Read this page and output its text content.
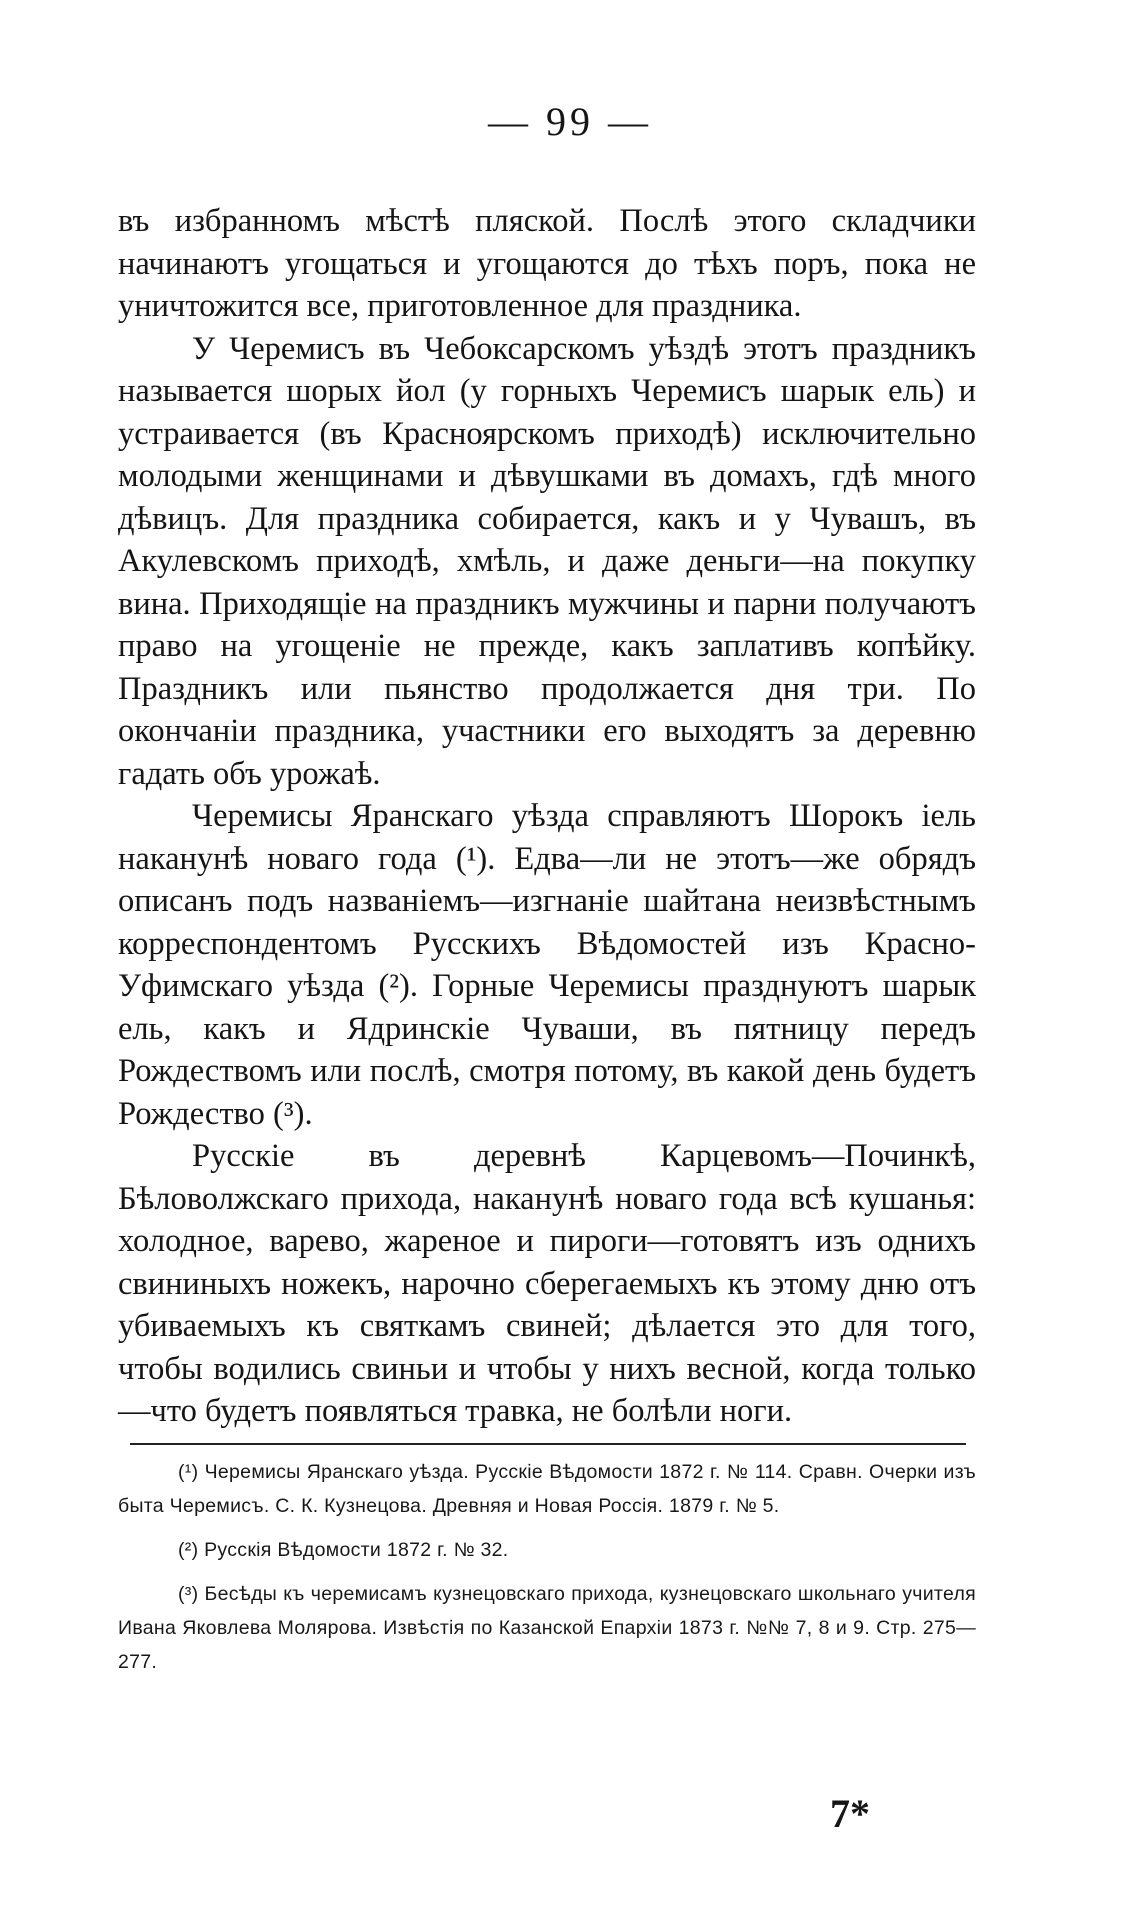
— 99 —

въ избранномъ мѣстѣ пляской. Послѣ этого складчики начинаютъ угощаться и угощаются до тѣхъ поръ, пока не уничтожится все, приготовленное для праздника.

У Черемисъ въ Чебоксарскомъ уѣздѣ этотъ праздникъ называется шорых йол (у горныхъ Черемисъ шарык ель) и устраивается (въ Красноярскомъ приходѣ) исключительно молодыми женщинами и дѣвушками въ домахъ, гдѣ много дѣвицъ. Для праздника собирается, какъ и у Чувашъ, въ Акулевскомъ приходѣ, хмѣль, и даже деньги—на покупку вина. Приходящіе на праздникъ мужчины и парни получаютъ право на угощеніе не прежде, какъ заплативъ копѣйку. Праздникъ или пьянство продолжается дня три. По окончаніи праздника, участники его выходятъ за деревню гадать объ урожаѣ.

Черемисы Яранскаго уѣзда справляютъ Шорокъ іель наканунѣ новаго года (¹). Едва—ли не этотъ—же обрядъ описанъ подъ названіемъ—изгнаніе шайтана неизвѣстнымъ корреспондентомъ Русскихъ Вѣдомостей изъ Красно-Уфимскаго уѣзда (²). Горные Черемисы празднуютъ шарык ель, какъ и Ядринскіе Чуваши, въ пятницу передъ Рождествомъ или послѣ, смотря потому, въ какой день будетъ Рождество (³).

Русскіе въ деревнѣ Карцевомъ—Починкѣ, Бѣловолжскаго прихода, наканунѣ новаго года всѣ кушанья: холодное, варево, жареное и пироги—готовятъ изъ однихъ свининыхъ ножекъ, нарочно сберегаемыхъ къ этому дню отъ убиваемыхъ къ святкамъ свиней; дѣлается это для того, чтобы водились свиньи и чтобы у нихъ весной, когда только—что будетъ появляться травка, не болѣли ноги.

(¹) Черемисы Яранскаго уѣзда. Русскіе Вѣдомости 1872 г. № 114. Сравн. Очерки изъ быта Черемисъ. С. К. Кузнецова. Древняя и Новая Россія. 1879 г. № 5.

(²) Русскія Вѣдомости 1872 г. № 32.

(³) Бесѣды къ черемисамъ кузнецовскаго прихода, кузнецовскаго школьнаго учителя Ивана Яковлева Молярова. Извѣстія по Казанской Епархіи 1873 г. №№ 7, 8 и 9. Стр. 275—277.

7*
